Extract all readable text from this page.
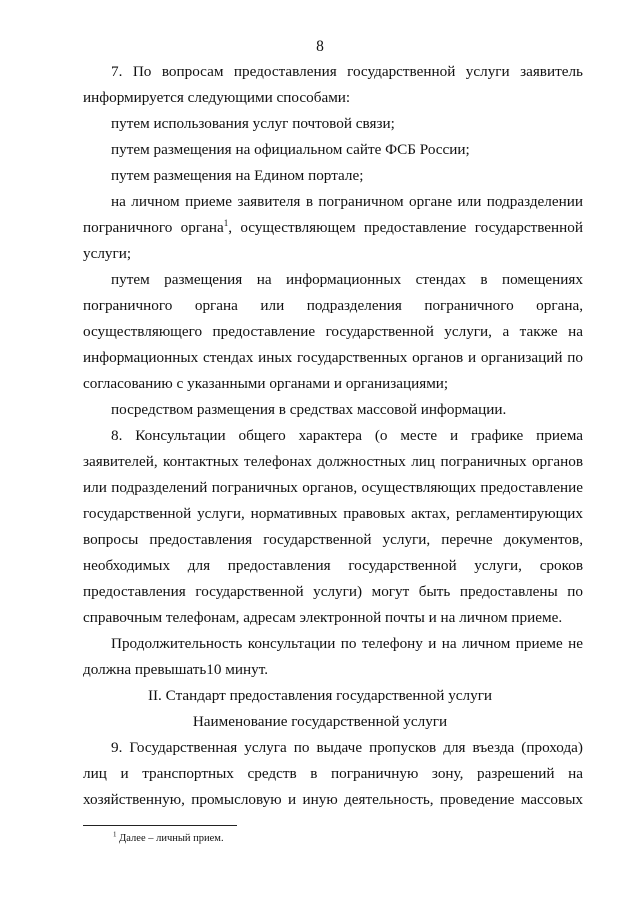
8
7. По вопросам предоставления государственной услуги заявитель
информируется следующими способами:
путем использования услуг почтовой связи;
путем размещения на официальном сайте ФСБ России;
путем размещения на Едином портале;
на личном приеме заявителя в пограничном органе или подразделении
пограничного органа$^1$, осуществляющем предоставление государственной
услуги;
путем размещения на информационных стендах в помещениях
пограничного органа или подразделения пограничного органа,
осуществляющего предоставление государственной услуги, а также на
информационных стендах иных государственных органов и организаций по
согласованию с указанными органами и организациями;
посредством размещения в средствах массовой информации.
8. Консультации общего характера (о месте и графике приема
заявителей, контактных телефонах должностных лиц пограничных органов
или подразделений пограничных органов, осуществляющих предоставление
государственной услуги, нормативных правовых актах, регламентирующих
вопросы предоставления государственной услуги, перечне документов,
необходимых для предоставления государственной услуги, сроков
предоставления государственной услуги) могут быть предоставлены по
справочным телефонам, адресам электронной почты и на личном приеме.
Продолжительность консультации по телефону и на личном приеме не
должна превышать10 минут.
II. Стандарт предоставления государственной услуги
Наименование государственной услуги
9. Государственная услуга по выдаче пропусков для въезда (прохода)
лиц и транспортных средств в пограничную зону, разрешений на
хозяйственную, промысловую и иную деятельность, проведение массовых
$^1$ Далее – личный прием.
